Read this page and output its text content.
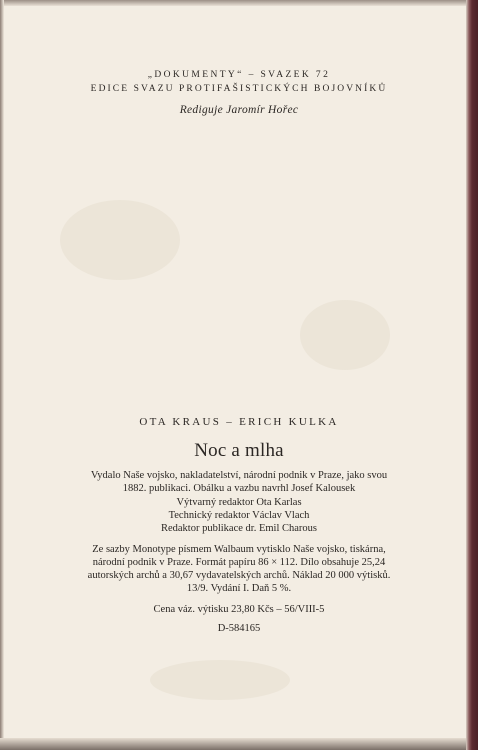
„DOKUMENTY“ – SVAZEK 72
EDICE SVAZU PROTIFAŠISTICKÝCH BOJOVNÍKŮ
Rediguje Jaromír Hořec
OTA KRAUS – ERICH KULKA
Noc a mlha
Vydalo Naše vojsko, nakladatelství, národní podnik v Praze, jako svou
1882. publikaci. Obálku a vazbu navrhl Josef Kalousek
Výtvarný redaktor Ota Karlas
Technický redaktor Václav Vlach
Redaktor publikace dr. Emil Charous
Ze sazby Monotype písmem Walbaum vytisklo Naše vojsko, tiskárna,
národní podnik v Praze. Formát papíru 86 × 112. Dílo obsahuje 25,24
autorských archů a 30,67 vydavatelských archů. Náklad 20 000 výtisků.
13/9. Vydání I. Daň 5 %.
Cena váz. výtisku 23,80 Kčs – 56/VIII-5
D-584165
